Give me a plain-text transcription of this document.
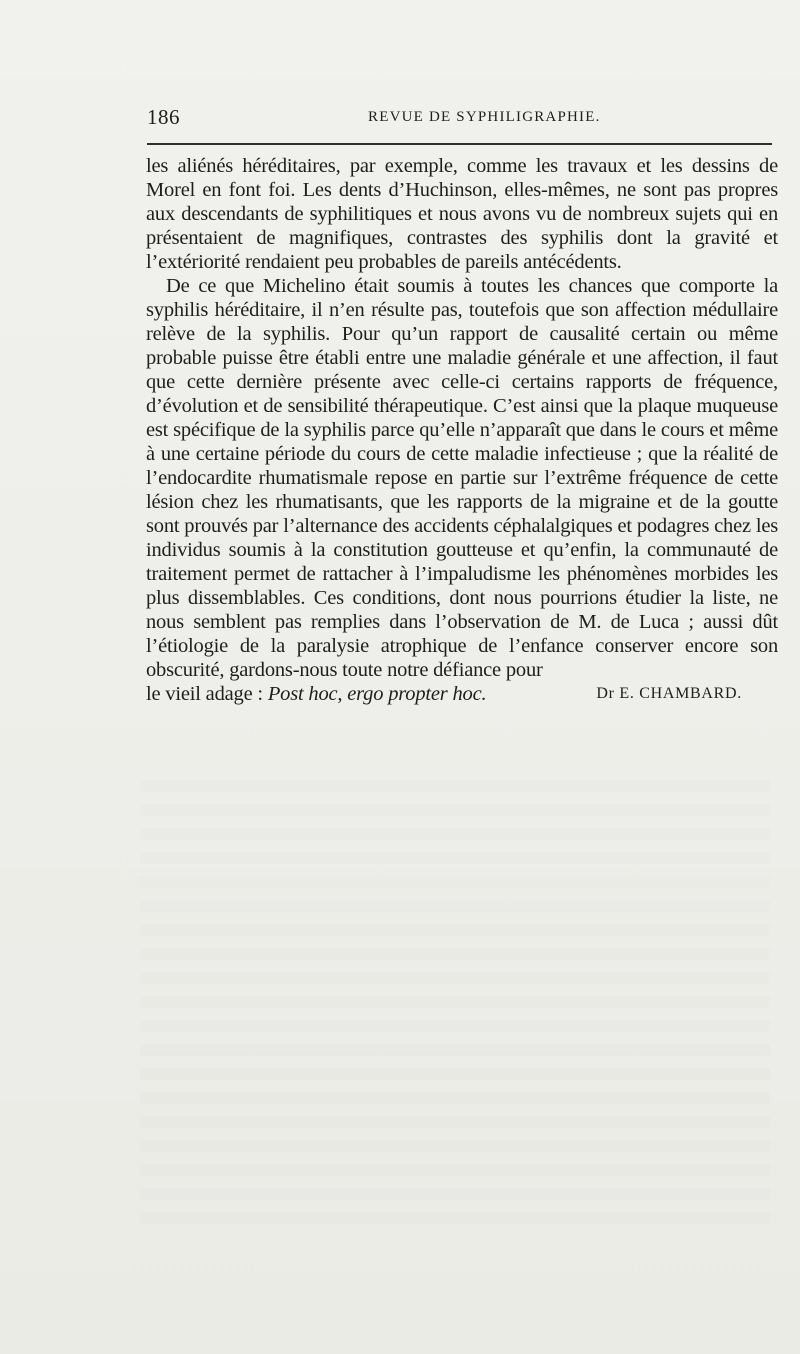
186	REVUE DE SYPHILIGRAPHIE.

les aliénés héréditaires, par exemple, comme les travaux et les dessins de Morel en font foi. Les dents d’Huchinson, elles-mêmes, ne sont pas propres aux descendants de syphilitiques et nous avons vu de nombreux sujets qui en présentaient de magnifiques, contrastes des syphilis dont la gravité et l’extériorité rendaient peu probables de pareils antécédents.

De ce que Michelino était soumis à toutes les chances que comporte la syphilis héréditaire, il n’en résulte pas, toutefois que son affection médullaire relève de la syphilis. Pour qu’un rapport de causalité certain ou même probable puisse être établi entre une maladie générale et une affection, il faut que cette dernière présente avec celle-ci certains rapports de fréquence, d’évolution et de sensibilité thérapeutique. C’est ainsi que la plaque muqueuse est spécifique de la syphilis parce qu’elle n’apparaît que dans le cours et même à une certaine période du cours de cette maladie infectieuse ; que la réalité de l’endocardite rhumatismale repose en partie sur l’extrême fréquence de cette lésion chez les rhumatisants, que les rapports de la migraine et de la goutte sont prouvés par l’alternance des accidents céphalalgiques et podagres chez les individus soumis à la constitution goutteuse et qu’enfin, la communauté de traitement permet de rattacher à l’impaludisme les phénomènes morbides les plus dissemblables. Ces conditions, dont nous pourrions étudier la liste, ne nous semblent pas remplies dans l’observation de M. de Luca ; aussi dût l’étiologie de la paralysie atrophique de l’enfance conserver encore son obscurité, gardons-nous toute notre défiance pour

le vieil adage : Post hoc, ergo propter hoc.	Dr E. CHAMBARD.
